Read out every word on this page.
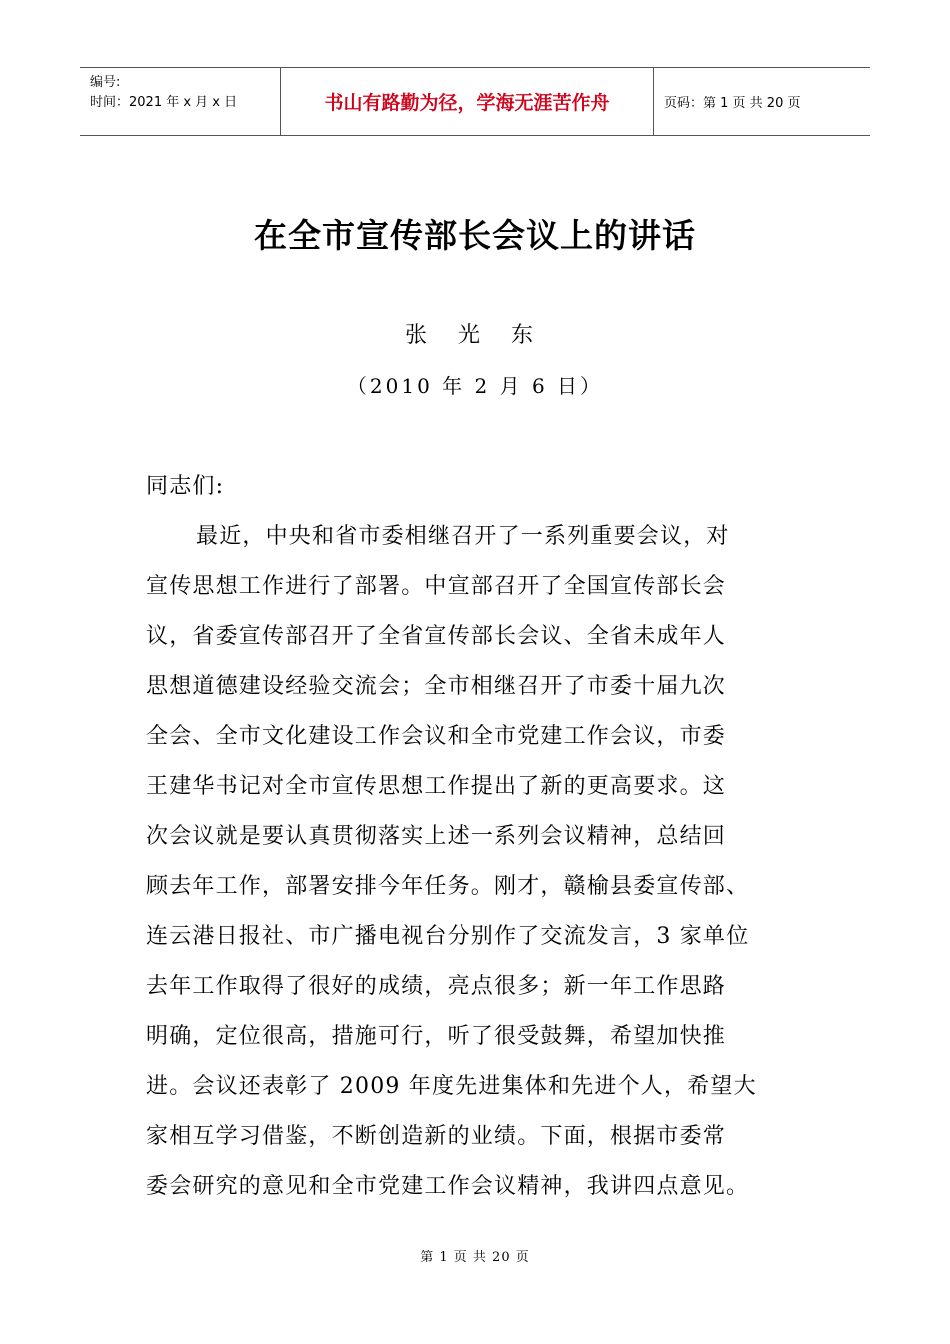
编号:
时间：2021 年 x 月 x 日	书山有路勤为径，学海无涯苦作舟	页码：第 1 页 共 20 页
在全市宣传部长会议上的讲话
张 光 东
（2010 年 2 月 6 日）
同志们:
最近，中央和省市委相继召开了一系列重要会议，对
宣传思想工作进行了部署。中宣部召开了全国宣传部长会
议，省委宣传部召开了全省宣传部长会议、全省未成年人
思想道德建设经验交流会；全市相继召开了市委十届九次
全会、全市文化建设工作会议和全市党建工作会议，市委
王建华书记对全市宣传思想工作提出了新的更高要求。这
次会议就是要认真贯彻落实上述一系列会议精神，总结回
顾去年工作，部署安排今年任务。刚才，赣榆县委宣传部、
连云港日报社、市广播电视台分别作了交流发言，3 家单位
去年工作取得了很好的成绩，亮点很多；新一年工作思路
明确，定位很高，措施可行，听了很受鼓舞，希望加快推
进。会议还表彰了 2009 年度先进集体和先进个人，希望大
家相互学习借鉴，不断创造新的业绩。下面，根据市委常
委会研究的意见和全市党建工作会议精神，我讲四点意见。
第 1 页 共 20 页
